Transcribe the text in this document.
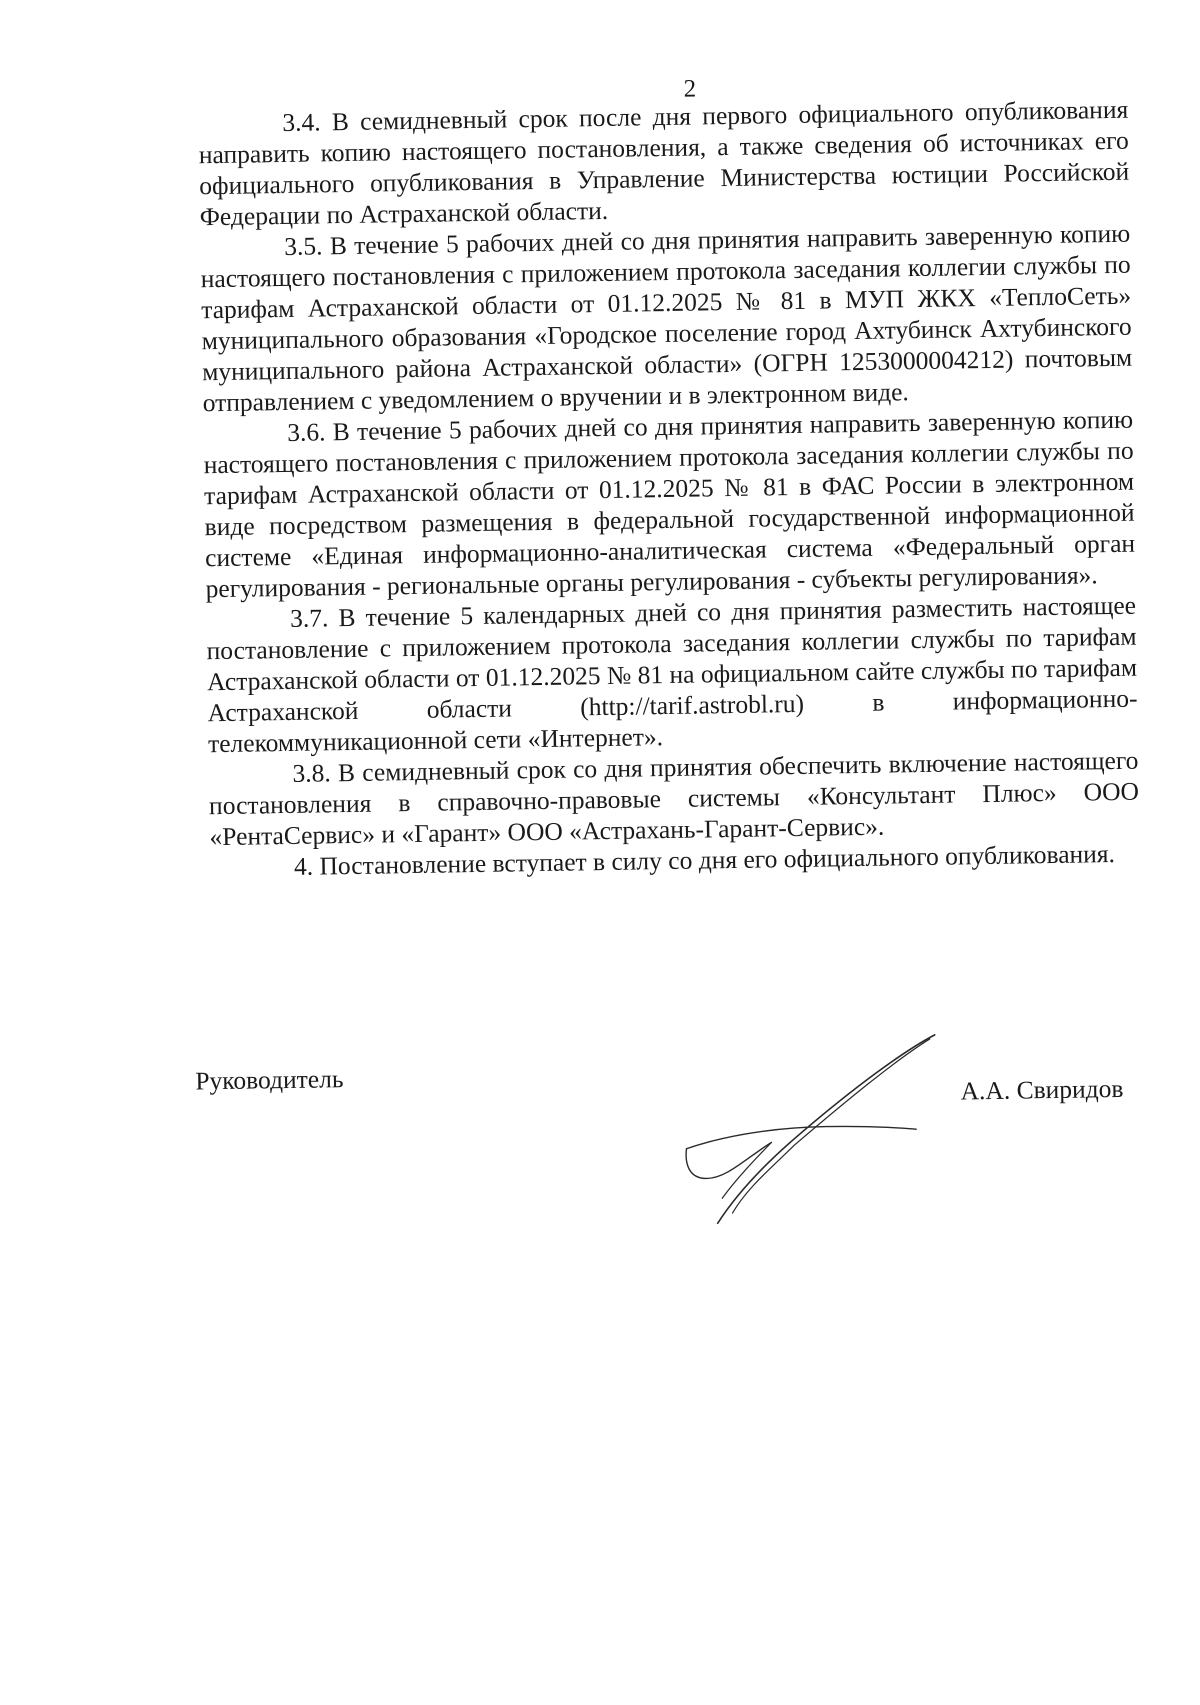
2

3.4. В семидневный срок после дня первого официального опубликования направить копию настоящего постановления, а также сведения об источниках его официального опубликования в Управление Министерства юстиции Российской Федерации по Астраханской области.

3.5. В течение 5 рабочих дней со дня принятия направить заверенную копию настоящего постановления с приложением протокола заседания коллегии службы по тарифам Астраханской области от 01.12.2025 № 81 в МУП ЖКХ «ТеплоСеть» муниципального образования «Городское поселение город Ахтубинск Ахтубинского муниципального района Астраханской области» (ОГРН 1253000004212) почтовым отправлением с уведомлением о вручении и в электронном виде.

3.6. В течение 5 рабочих дней со дня принятия направить заверенную копию настоящего постановления с приложением протокола заседания коллегии службы по тарифам Астраханской области от 01.12.2025 № 81 в ФАС России в электронном виде посредством размещения в федеральной государственной информационной системе «Единая информационно-аналитическая система «Федеральный орган регулирования - региональные органы регулирования - субъекты регулирования».

3.7. В течение 5 календарных дней со дня принятия разместить настоящее постановление с приложением протокола заседания коллегии службы по тарифам Астраханской области от 01.12.2025 № 81 на официальном сайте службы по тарифам Астраханской области (http://tarif.astrobl.ru) в информационно-телекоммуникационной сети «Интернет».

3.8. В семидневный срок со дня принятия обеспечить включение настоящего постановления в справочно-правовые системы «Консультант Плюс» ООО «РентаСервис» и «Гарант» ООО «Астрахань-Гарант-Сервис».

4. Постановление вступает в силу со дня его официального опубликования.

Руководитель	А.А. Свиридов
